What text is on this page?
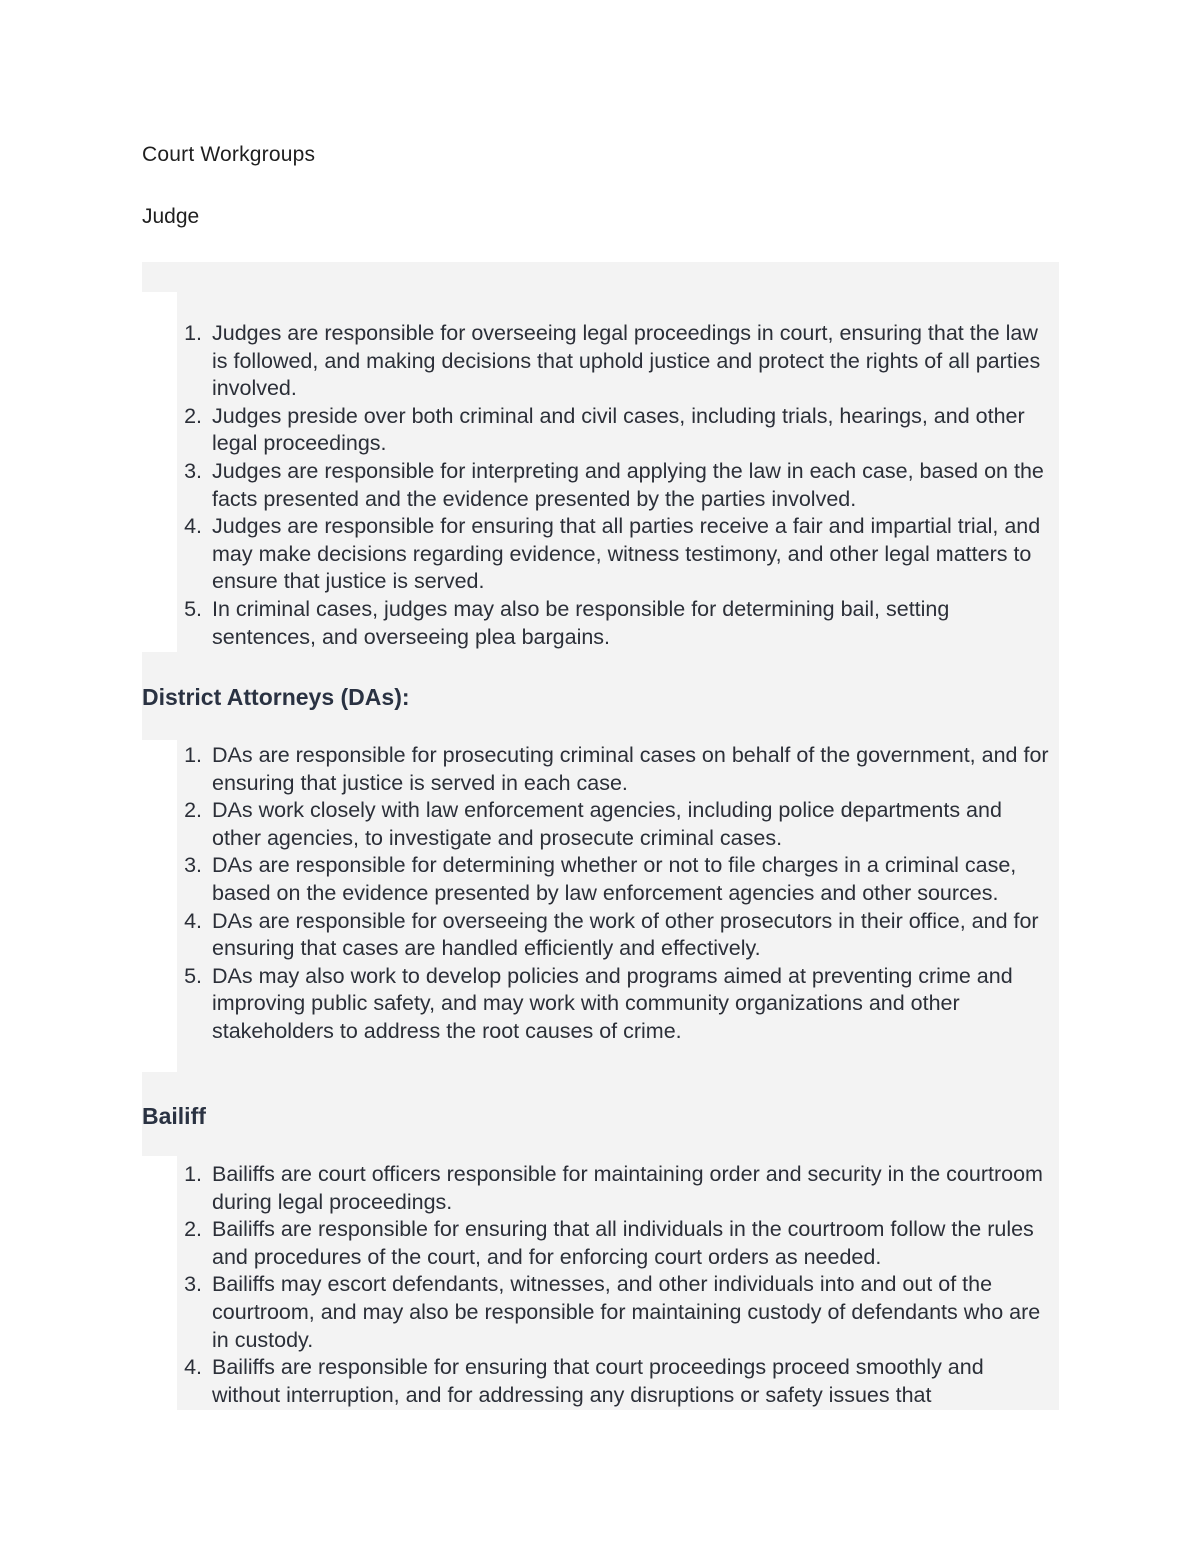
Court Workgroups
Judge
1. Judges are responsible for overseeing legal proceedings in court, ensuring that the law is followed, and making decisions that uphold justice and protect the rights of all parties involved.
2. Judges preside over both criminal and civil cases, including trials, hearings, and other legal proceedings.
3. Judges are responsible for interpreting and applying the law in each case, based on the facts presented and the evidence presented by the parties involved.
4. Judges are responsible for ensuring that all parties receive a fair and impartial trial, and may make decisions regarding evidence, witness testimony, and other legal matters to ensure that justice is served.
5. In criminal cases, judges may also be responsible for determining bail, setting sentences, and overseeing plea bargains.
District Attorneys (DAs):
1. DAs are responsible for prosecuting criminal cases on behalf of the government, and for ensuring that justice is served in each case.
2. DAs work closely with law enforcement agencies, including police departments and other agencies, to investigate and prosecute criminal cases.
3. DAs are responsible for determining whether or not to file charges in a criminal case, based on the evidence presented by law enforcement agencies and other sources.
4. DAs are responsible for overseeing the work of other prosecutors in their office, and for ensuring that cases are handled efficiently and effectively.
5. DAs may also work to develop policies and programs aimed at preventing crime and improving public safety, and may work with community organizations and other stakeholders to address the root causes of crime.
Bailiff
1. Bailiffs are court officers responsible for maintaining order and security in the courtroom during legal proceedings.
2. Bailiffs are responsible for ensuring that all individuals in the courtroom follow the rules and procedures of the court, and for enforcing court orders as needed.
3. Bailiffs may escort defendants, witnesses, and other individuals into and out of the courtroom, and may also be responsible for maintaining custody of defendants who are in custody.
4. Bailiffs are responsible for ensuring that court proceedings proceed smoothly and without interruption, and for addressing any disruptions or safety issues that
